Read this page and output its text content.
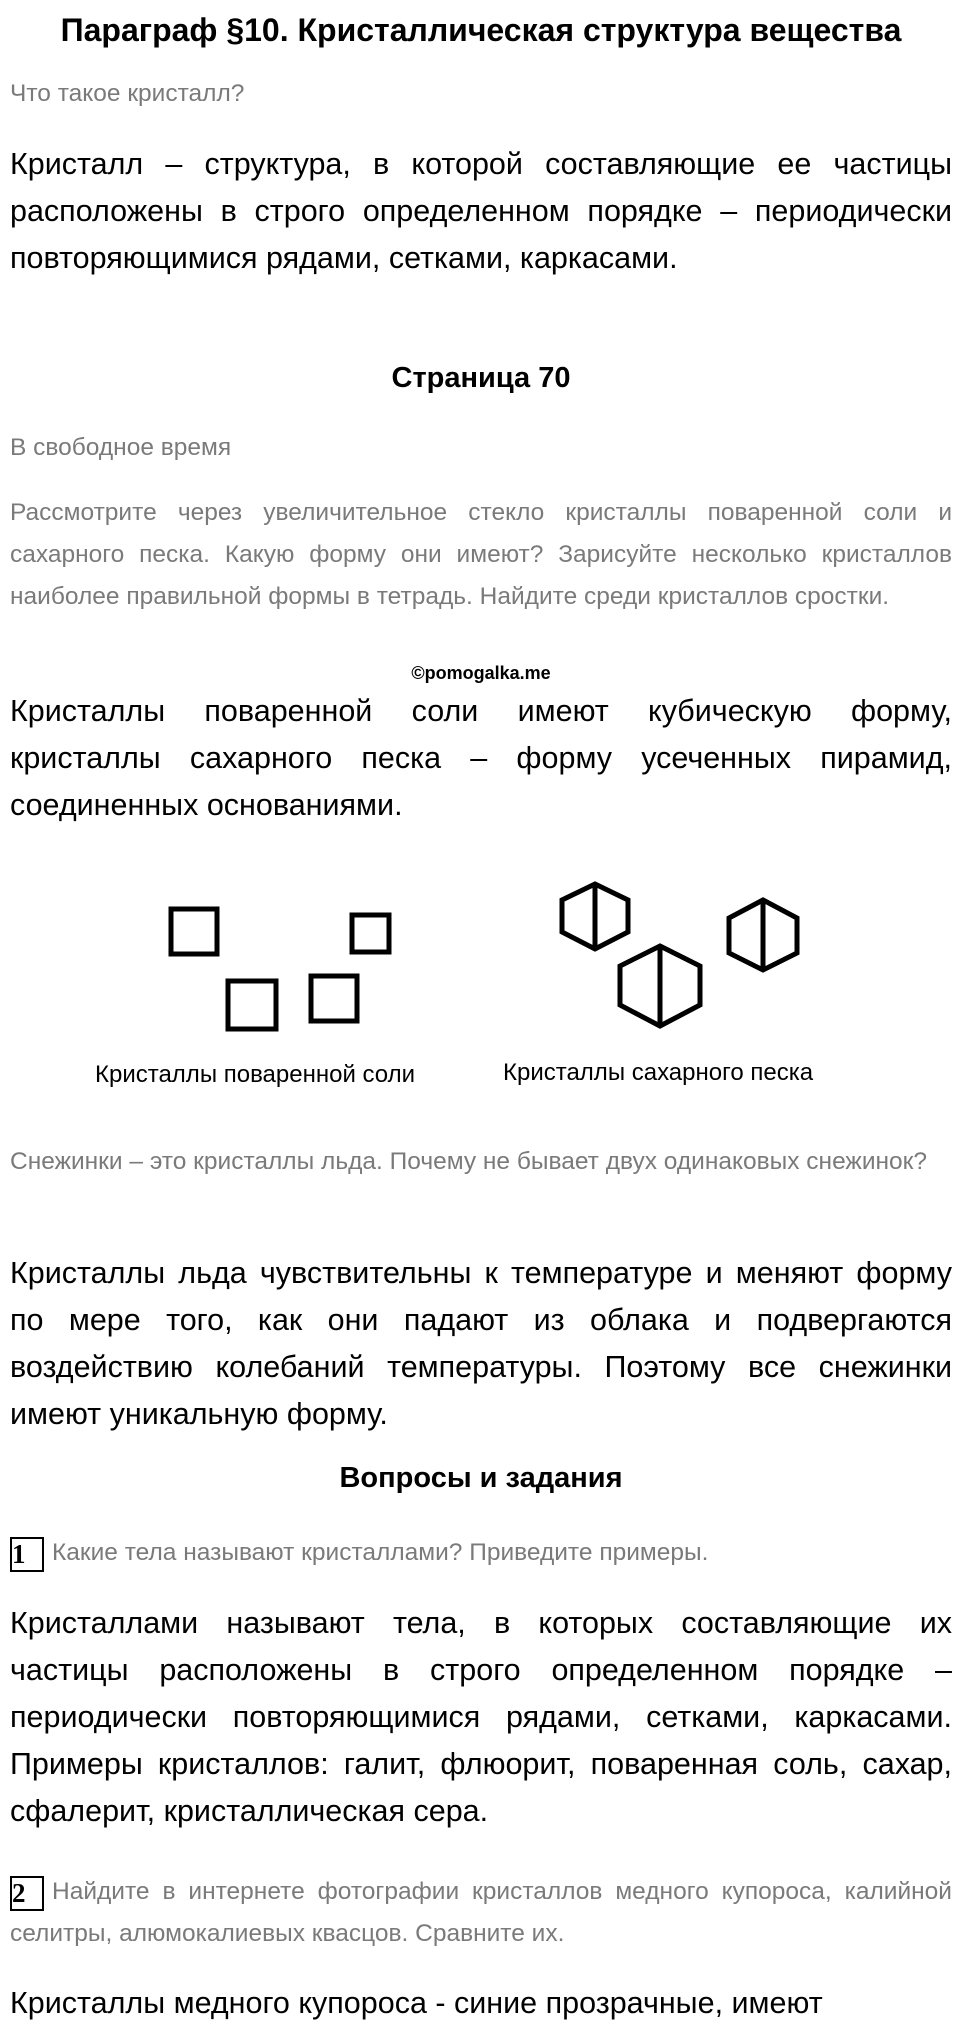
Параграф §10. Кристаллическая структура вещества
Что такое кристалл?
Кристалл – структура, в которой составляющие ее частицы расположены в строго определенном порядке – периодически повторяющимися рядами, сетками, каркасами.
Страница 70
В свободное время
Рассмотрите через увеличительное стекло кристаллы поваренной соли и сахарного песка. Какую форму они имеют? Зарисуйте несколько кристаллов наиболее правильной формы в тетрадь. Найдите среди кристаллов сростки.
©pomogalka.me
Кристаллы поваренной соли имеют кубическую форму, кристаллы сахарного песка – форму усеченных пирамид, соединенных основаниями.
Кристаллы поваренной соли	Кристаллы сахарного песка
Снежинки – это кристаллы льда. Почему не бывает двух одинаковых снежинок?
Кристаллы льда чувствительны к температуре и меняют форму по мере того, как они падают из облака и подвергаются воздействию колебаний температуры. Поэтому все снежинки имеют уникальную форму.
Вопросы и задания
1 Какие тела называют кристаллами? Приведите примеры.
Кристаллами называют тела, в которых составляющие их частицы расположены в строго определенном порядке – периодически повторяющимися рядами, сетками, каркасами. Примеры кристаллов: галит, флюорит, поваренная соль, сахар, сфалерит, кристаллическая сера.
2 Найдите в интернете фотографии кристаллов медного купороса, калийной селитры, алюмокалиевых квасцов. Сравните их.
Кристаллы медного купороса - синие прозрачные, имеют
